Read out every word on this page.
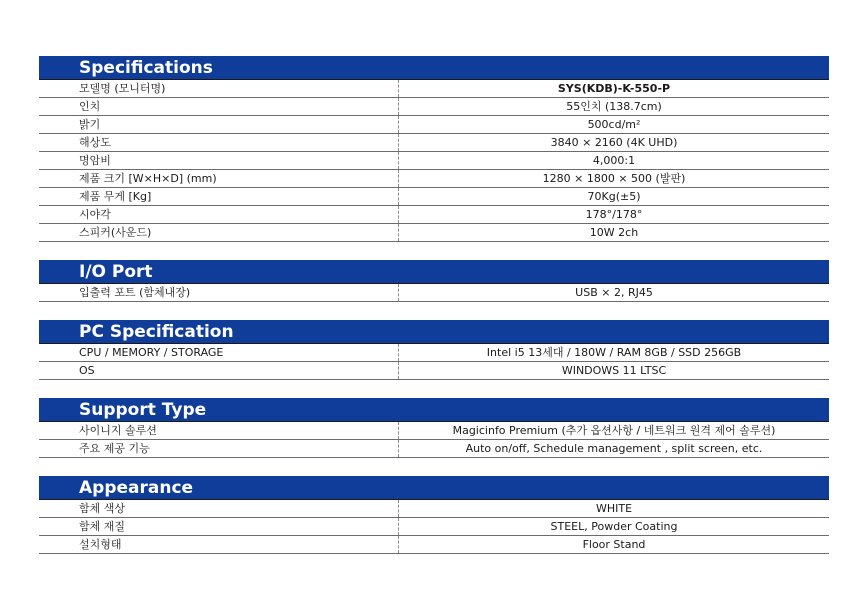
Specifications
모델명 (모니터명)	SYS(KDB)-K-550-P
인치	55인치 (138.7cm)
밝기	500cd/m²
해상도	3840 × 2160 (4K UHD)
명암비	4,000:1
제품 크기 [W×H×D] (mm)	1280 × 1800 × 500 (발판)
제품 무게 [Kg]	70Kg(±5)
시야각	178°/178°
스피커(사운드)	10W 2ch
I/O Port
입출력 포트 (함체내장)	USB × 2, RJ45
PC Specification
CPU / MEMORY / STORAGE	Intel i5 13세대 / 180W / RAM 8GB / SSD 256GB
OS	WINDOWS 11 LTSC
Support Type
사이니지 솔루션	Magicinfo Premium (추가 옵션사항 / 네트워크 원격 제어 솔루션)
주요 제공 기능	Auto on/off, Schedule management , split screen, etc.
Appearance
함체 색상	WHITE
함체 재질	STEEL, Powder Coating
설치형태	Floor Stand
